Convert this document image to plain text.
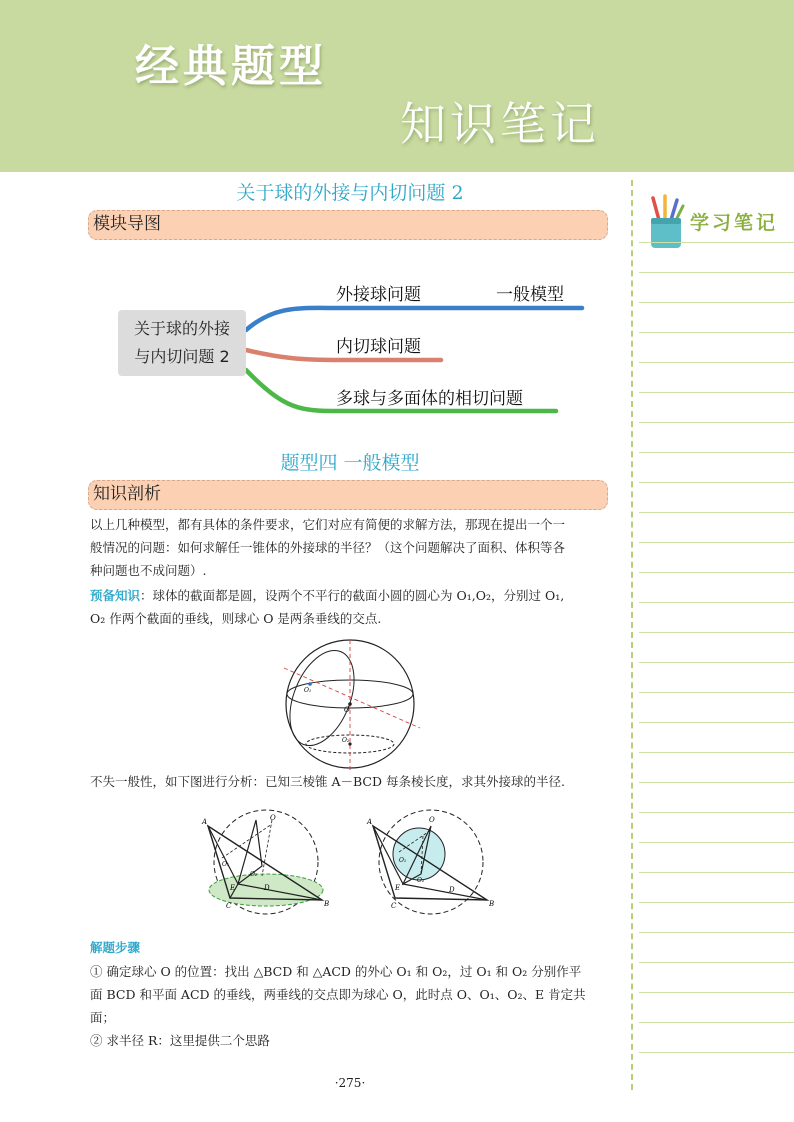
经典题型
知识笔记
关于球的外接与内切问题 2
模块导图
关于球的外接
与内切问题 2
外接球问题	一般模型
内切球问题
多球与多面体的相切问题
题型四 一般模型
知识剖析
以上几种模型，都有具体的条件要求，它们对应有简便的求解方法，那现在提出一个一
般情况的问题：如何求解任一锥体的外接球的半径？（这个问题解决了面积、体积等各
种问题也不成问题）.
预备知识：球体的截面都是圆，设两个不平行的截面小圆的圆心为 O₁,O₂，分别过 O₁,
O₂ 作两个截面的垂线，则球心 O 是两条垂线的交点.
O
O₁
O₂
不失一般性，如下图进行分析：已知三棱锥 A－BCD 每条棱长度，求其外接球的半径.
A	O
O₁
O₂
E	D
C	B
A	O
O₁
O₂
E	D
C	B
解题步骤
① 确定球心 O 的位置：找出 △BCD 和 △ACD 的外心 O₁ 和 O₂，过 O₁ 和 O₂ 分别作平
面 BCD 和平面 ACD 的垂线，两垂线的交点即为球心 O，此时点 O、O₁、O₂、E 肯定共
面；
② 求半径 R：这里提供二个思路
·275·
学习笔记
